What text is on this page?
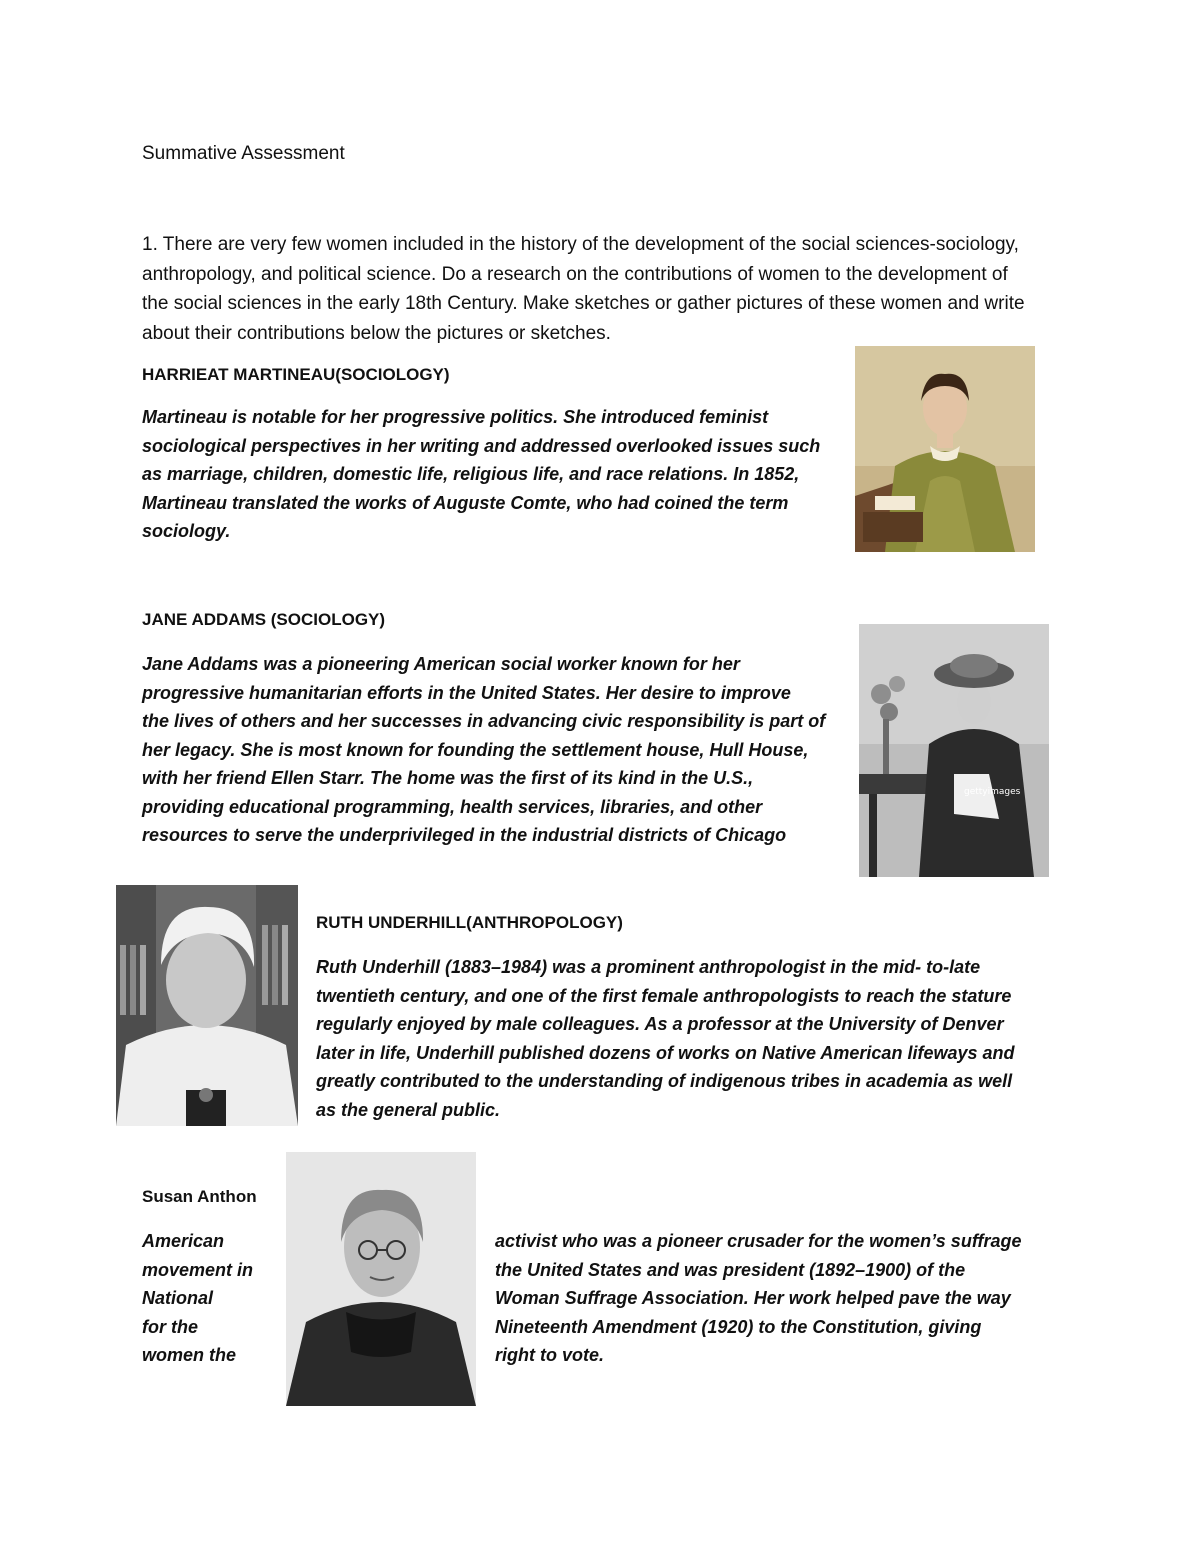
Summative Assessment

1. There are very few women included in the history of the development of the social sciences-sociology,

anthropology, and political science. Do a research on the contributions of women to the development of

the social sciences in the early 18th Century. Make sketches or gather pictures of these women and write

about their contributions below the pictures or sketches.

HARRIEAT MARTINEAU(SOCIOLOGY)

Martineau is notable for her progressive politics. She introduced feminist

sociological perspectives in her writing and addressed overlooked issues such

as marriage, children, domestic life, religious life, and race relations. In 1852,

Martineau translated the works of Auguste Comte, who had coined the term

sociology.

JANE ADDAMS (SOCIOLOGY)

Jane Addams was a pioneering American social worker known for her

progressive humanitarian efforts in the United States. Her desire to improve

the lives of others and her successes in advancing civic responsibility is part of

her legacy. She is most known for founding the settlement house, Hull House,

with her friend Ellen Starr. The home was the first of its kind in the U.S.,

providing educational programming, health services, libraries, and other

resources to serve the underprivileged in the industrial districts of Chicago

gettyimages
RUTH UNDERHILL(ANTHROPOLOGY)

Ruth Underhill (1883–1984) was a prominent anthropologist in the mid- to-late

twentieth century, and one of the first female anthropologists to reach the stature

regularly enjoyed by male colleagues. As a professor at the University of Denver

later in life, Underhill published dozens of works on Native American lifeways and

greatly contributed to the understanding of indigenous tribes in academia as well

as the general public.

Susan Anthon

American

movement in

National

for the

women the

activist who was a pioneer crusader for the women’s suffrage

the United States and was president (1892–1900) of the

Woman Suffrage Association. Her work helped pave the way

Nineteenth Amendment (1920) to the Constitution, giving

right to vote.
